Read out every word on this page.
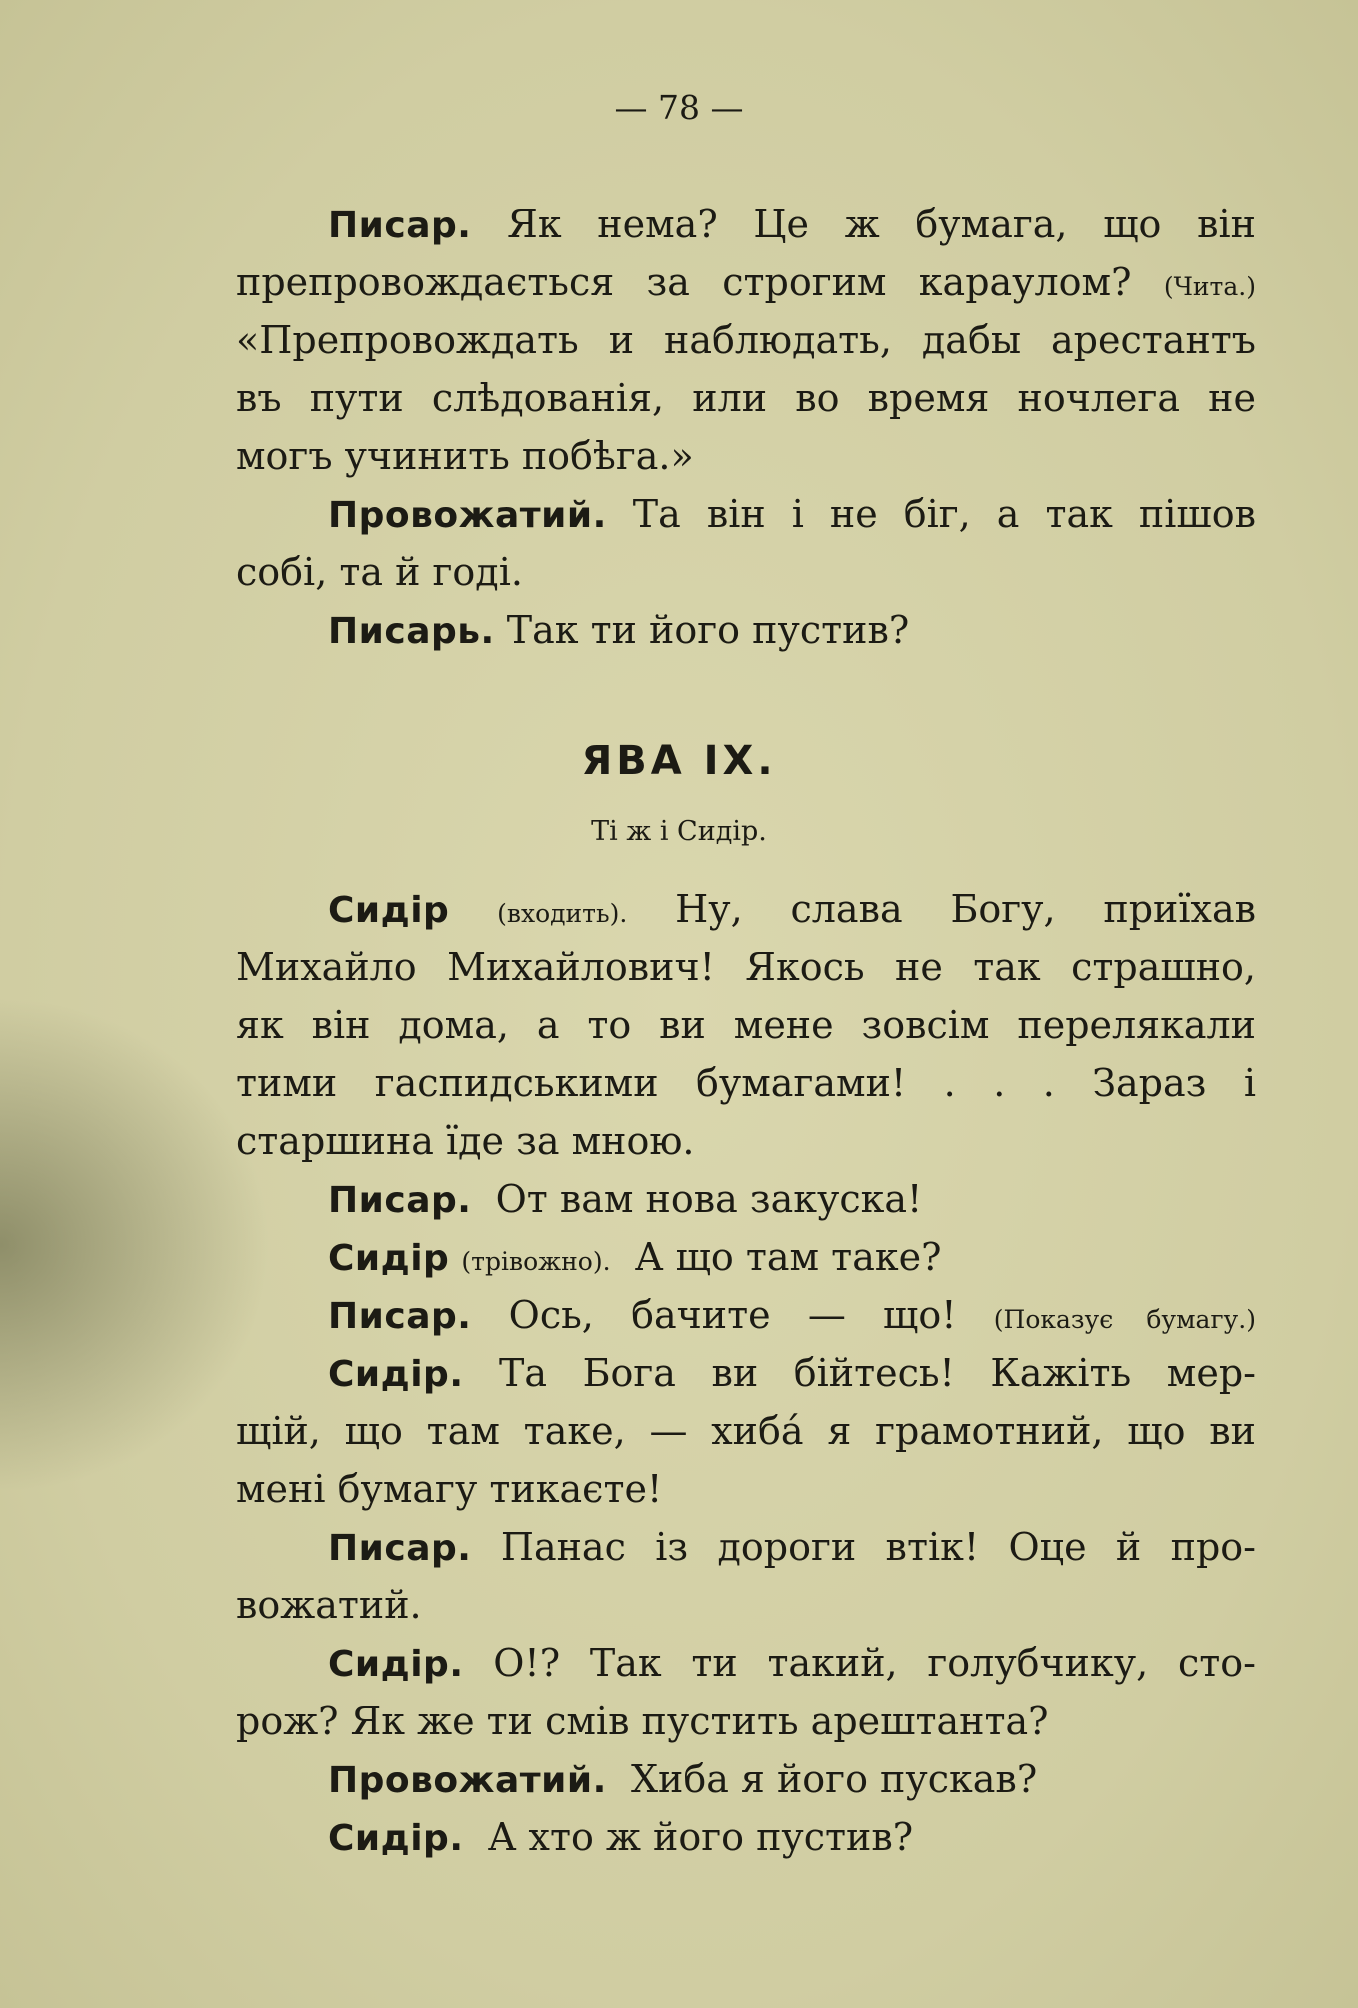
— 78 —
Писар. Як нема? Це ж бумага, що він
препровождається за строгим караулом? (Чита.)
«Препровождать и наблюдать, дабы арестантъ
въ пути слѣдованія, или во время ночлега не
могъ учинить побѣга.»
Провожатий. Та він і не біг, а так пішов
собі, та й годі.
Писарь. Так ти його пустив?
ЯВА IX.
Ті ж і Сидір.
Сидір (входить). Ну, слава Богу, приїхав
Михайло Михайлович! Якось не так страшно,
як він дома, а то ви мене зовсім перелякали
тими гаспидськими бумагами! . . . Зараз і
старшина їде за мною.
Писар. От вам нова закуска!
Сидір (трівожно). А що там таке?
Писар. Ось, бачите — що! (Показує бумагу.)
Сидір. Та Бога ви бійтесь! Кажіть мер-
щій, що там таке, — хибá я грамотний, що ви
мені бумагу тикаєте!
Писар. Панас із дороги втік! Оце й про-
вожатий.
Сидір. О!? Так ти такий, голубчику, сто-
рож? Як же ти смів пустить арештанта?
Провожатий. Хиба я його пускав?
Сидір. А хто ж його пустив?
